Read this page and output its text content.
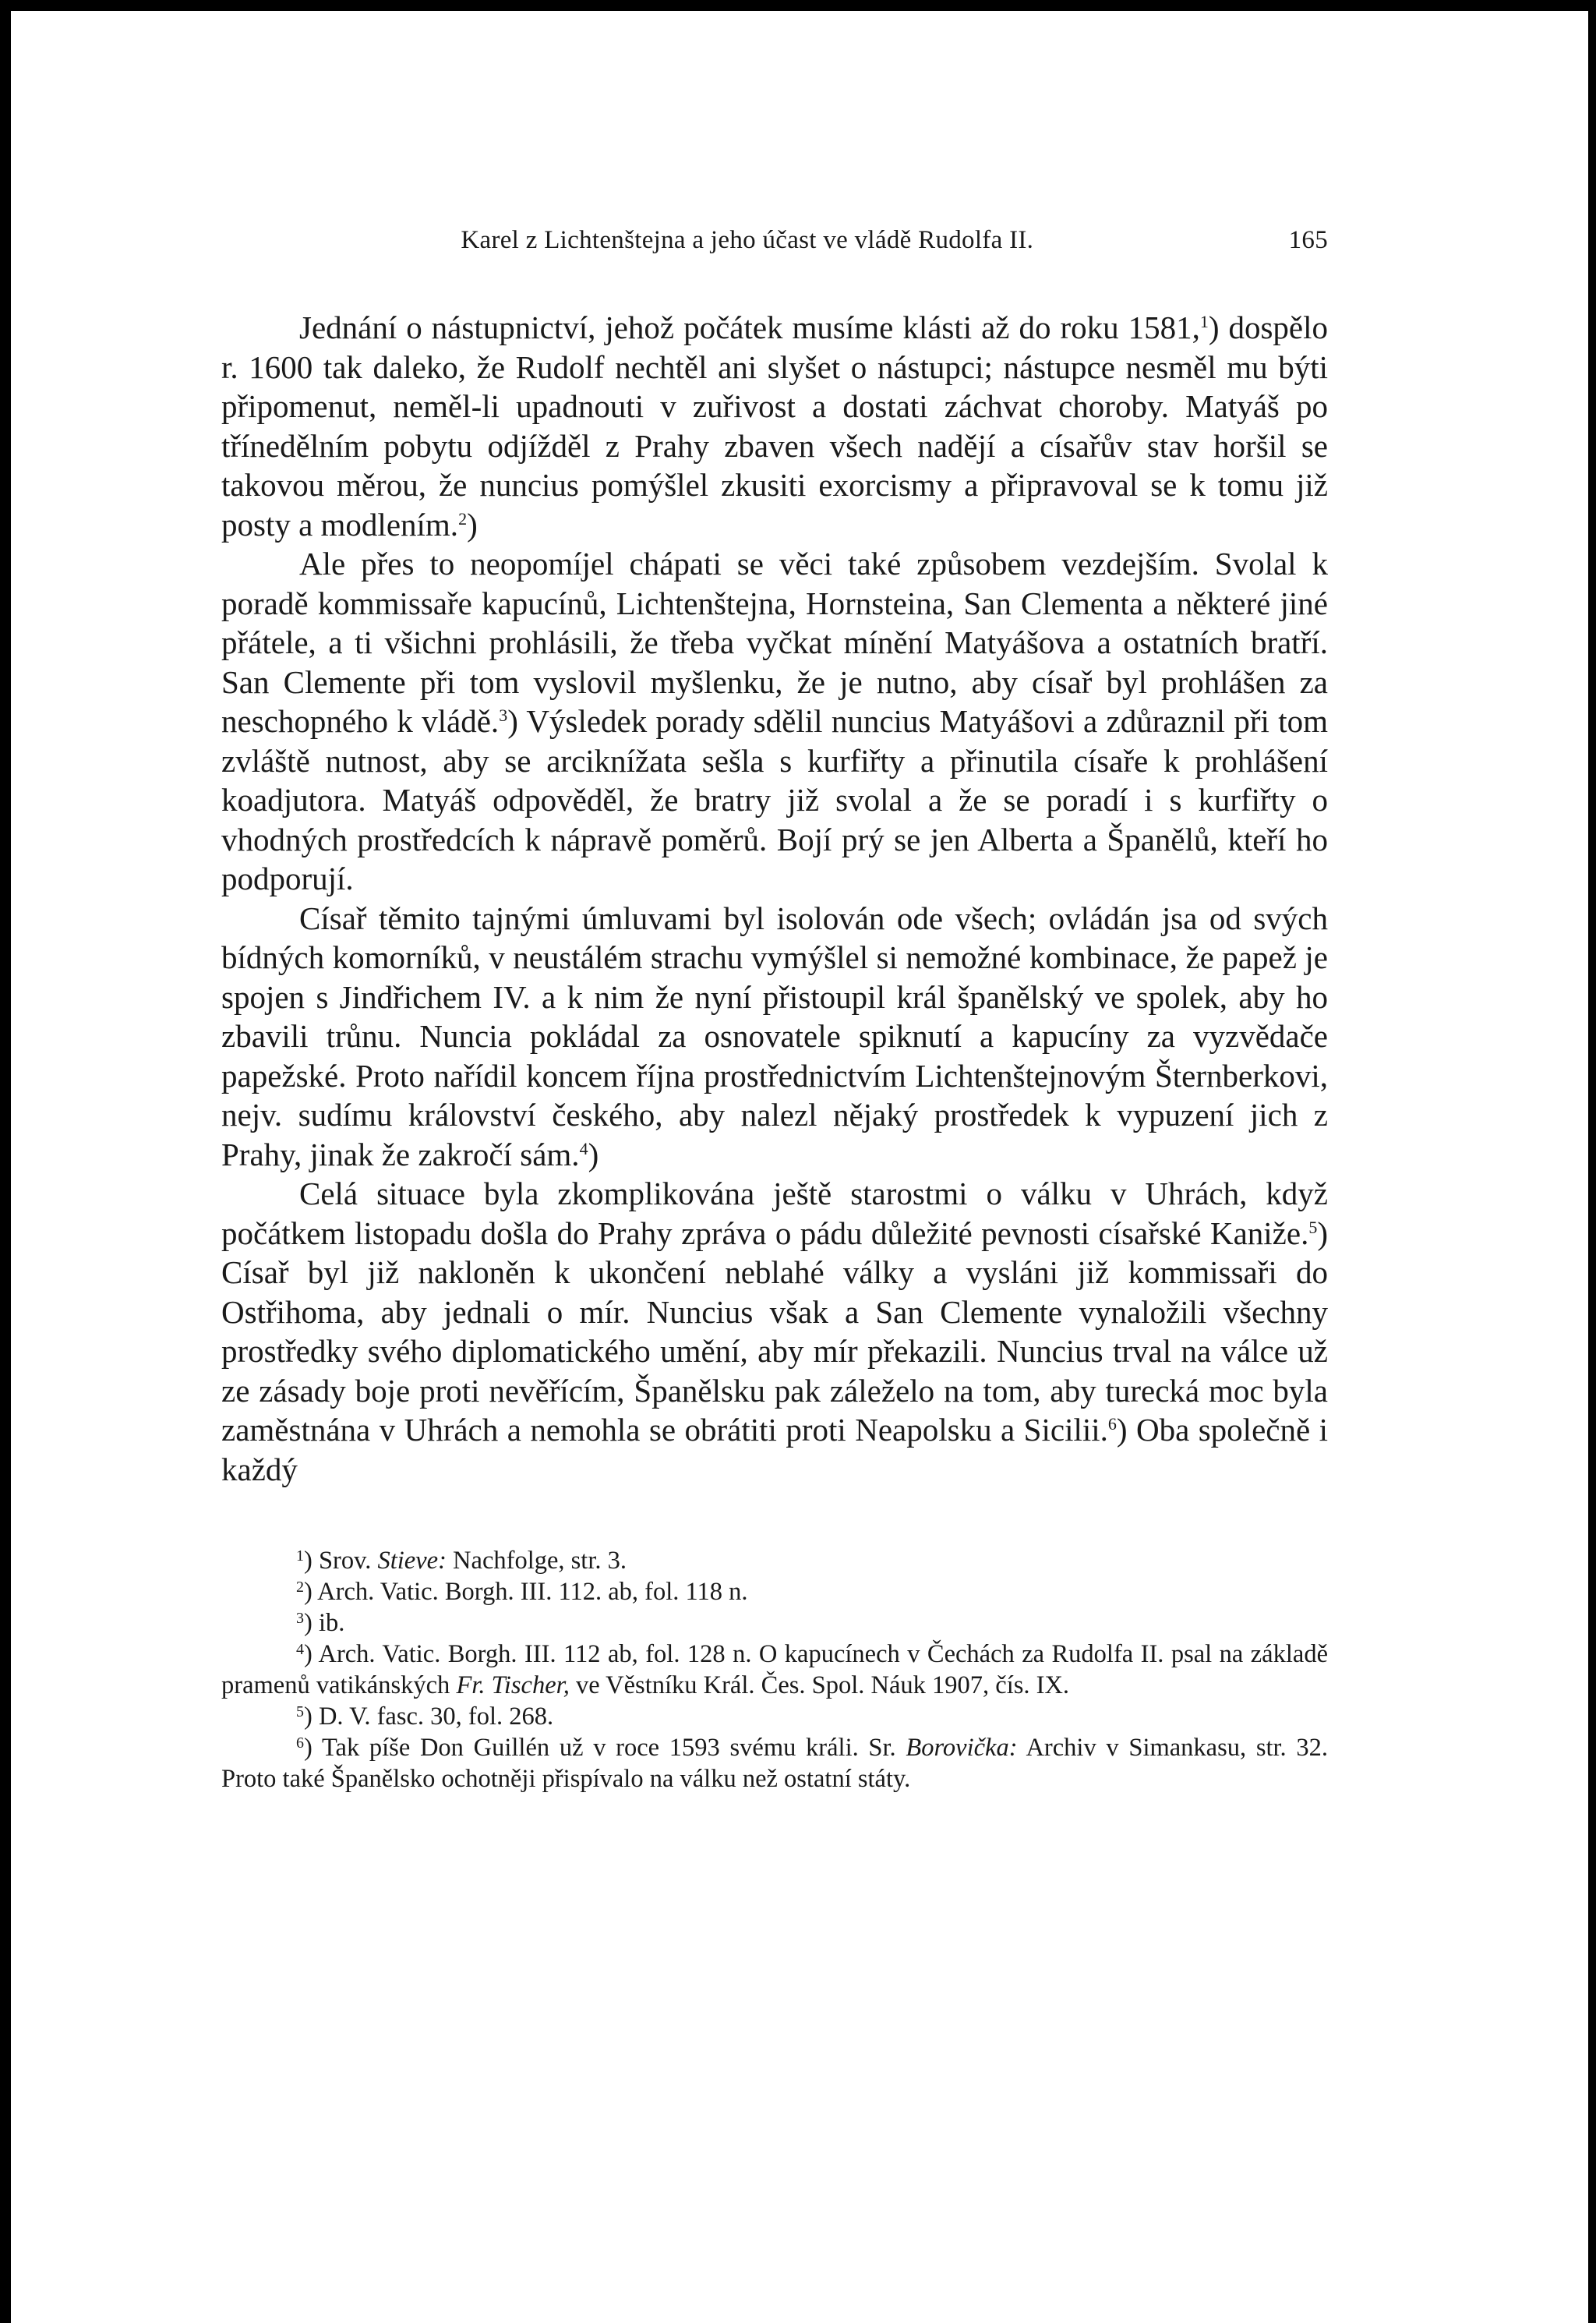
Karel z Lichtenštejna a jeho účast ve vládě Rudolfa II.	165

Jednání o nástupnictví, jehož počátek musíme klásti až do roku 1581,$^1$) dospělo r. 1600 tak daleko, že Rudolf nechtěl ani slyšet o nástupci; nástupce nesměl mu býti připomenut, neměl-li upadnouti v zuřivost a dostati záchvat choroby. Matyáš po třínedělním pobytu odjížděl z Prahy zbaven všech nadějí a císařův stav horšil se takovou měrou, že nuncius pomýšlel zkusiti exorcismy a připravoval se k tomu již posty a modlením.$^2$)

Ale přes to neopomíjel chápati se věci také způsobem vezdejším. Svolal k poradě kommissaře kapucínů, Lichtenštejna, Hornsteina, San Clementa a některé jiné přátele, a ti všichni prohlásili, že třeba vyčkat mínění Matyášova a ostatních bratří. San Clemente při tom vyslovil myšlenku, že je nutno, aby císař byl prohlášen za neschopného k vládě.$^3$) Výsledek porady sdělil nuncius Matyášovi a zdůraznil při tom zvláště nutnost, aby se arciknížata sešla s kurfiřty a přinutila císaře k prohlášení koadjutora. Matyáš odpověděl, že bratry již svolal a že se poradí i s kurfiřty o vhodných prostředcích k nápravě poměrů. Bojí prý se jen Alberta a Španělů, kteří ho podporují.

Císař těmito tajnými úmluvami byl isolován ode všech; ovládán jsa od svých bídných komorníků, v neustálém strachu vymýšlel si nemožné kombinace, že papež je spojen s Jindřichem IV. a k nim že nyní přistoupil král španělský ve spolek, aby ho zbavili trůnu. Nuncia pokládal za osnovatele spiknutí a kapucíny za vyzvědače papežské. Proto nařídil koncem října prostřednictvím Lichtenštejnovým Šternberkovi, nejv. sudímu království českého, aby nalezl nějaký prostředek k vypuzení jich z Prahy, jinak že zakročí sám.$^4$)

Celá situace byla zkomplikována ještě starostmi o válku v Uhrách, když počátkem listopadu došla do Prahy zpráva o pádu důležité pevnosti císařské Kaniže.$^5$) Císař byl již nakloněn k ukončení neblahé války a vysláni již kommissaři do Ostřihoma, aby jednali o mír. Nuncius však a San Clemente vynaložili všechny prostředky svého diplomatického umění, aby mír překazili. Nuncius trval na válce už ze zásady boje proti nevěřícím, Španělsku pak záleželo na tom, aby turecká moc byla zaměstnána v Uhrách a nemohla se obrátiti proti Neapolsku a Sicilii.$^6$) Oba společně i každý

$^1$) Srov. Stieve: Nachfolge, str. 3.

$^2$) Arch. Vatic. Borgh. III. 112. ab, fol. 118 n.

$^3$) ib.

$^4$) Arch. Vatic. Borgh. III. 112 ab, fol. 128 n. O kapucínech v Čechách za Rudolfa II. psal na základě pramenů vatikánských Fr. Tischer, ve Věstníku Král. Čes. Spol. Náuk 1907, čís. IX.

$^5$) D. V. fasc. 30, fol. 268.

$^6$) Tak píše Don Guillén už v roce 1593 svému králi. Sr. Borovička: Archiv v Simankasu, str. 32. Proto také Španělsko ochotněji přispívalo na válku než ostatní státy.
